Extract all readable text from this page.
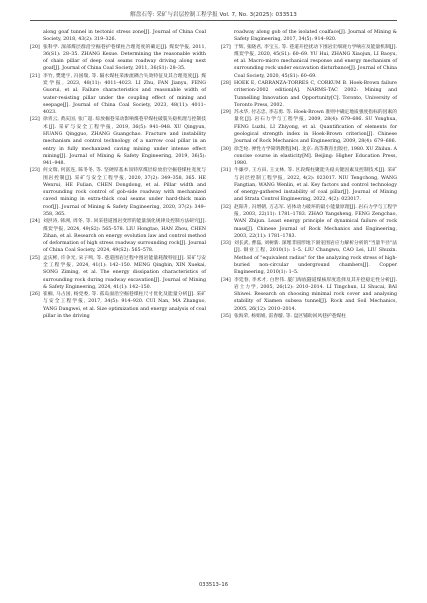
解盘石等: 采矿与岩层控制工程学报 Vol. 7, No. 3(2025): 033513
along goaf tunnel in tectonic stress zone[J]. Journal of China Coal Society, 2018, 43(2): 319–326.
[20] 张科学. 深部煤层群沿空掘巷护巷煤柱合理宽度的确定[J]. 煤炭学报, 2011, 36(S1): 28–35. ZHANG Kexue. Determining the reasonable width of chain pillar of deep coal seams roadway driving along next goaf[J]. Journal of China Coal Society, 2011, 36(S1): 28–35.
[21] 李竹, 樊建宇, 冯国瑞, 等. 隔水煤柱采渗流耦合失效特征及其合理宽度[J]. 煤炭学报, 2023, 48(11): 4011–4023. LI Zhu, FAN Jianyu, FENG Guorui, et al. Failure characteristics and reasonable width of water-resisting pillar under the coupling effect of mining and seepage[J]. Journal of China Coal Society, 2023, 48(11): 4011–4023.
[22] 徐青云, 黄庆国, 张广超. 综放掘巷采动影响煤巷窄煤柱破裂失稳机理与控制技术[J]. 采矿与安全工程学报, 2019, 36(5): 941–948. XU Qingyun, HUANG Qingguo, ZHANG Guangchao. Fracture and instability mechanism and control technology of a narrow coal pillar in an entry in fully mechanized caving mining under intense effect mining[J]. Journal of Mining & Safety Engineering, 2019, 36(5): 941–948.
[23] 何文瑞, 何富连, 陈冬冬, 等. 坚硬厚基本顶特厚煤层综放沿空掘巷煤柱宽度与围岩控制[J]. 采矿与安全工程学报, 2020, 37(2): 349–358, 365. HE Wenrui, HE Fulian, CHEN Dongdong, et al. Pillar width and surrounding rock control of gob-side roadway with mechanized caved mining in extra-thick coal seams under hard-thick main roof[J]. Journal of Mining & Safety Engineering, 2020, 37(2): 349–358, 365.
[24] 刘洪涛, 韩洲, 周冬, 等. 回采巷道围岩变形的能量演化规律及控制方法研究[J]. 煤炭学报, 2024, 49(S2): 565–578. LIU Hongtao, HAN Zhou, CHEN Zihan, et al. Research on energy evolution law and control method of deformation of high stress roadway surrounding rock[J]. Journal of China Coal Society, 2024, 49(S2): 565–578.
[25] 孟庆彬, 许争光, 宋子鸣, 等. 巷道围岩过程中围岩能量耗散特征[J]. 采矿与安全工程学报, 2024, 41(1): 142–150. MENG Qingbin, XIN Xuekai, SONG Ziming, et al. The energy dissipation characteristics of surrounding rock during roadway excavation[J]. Journal of Mining & Safety Engineering, 2024, 41(1): 142–150.
[26] 崔楠, 马占国, 杨党委, 等. 孤岛面沿空掘巷煤柱尺寸优化及能量分析[J]. 采矿与安全工程学报, 2017, 34(5): 914–920. CUI Nan, MA Zhanguo, YANG Dangwei, et al. Size optimization and energy analysis of coal pillar in the driving
roadway along gob of the isolated coalface[J]. Journal of Mining & Safety Engineering, 2017, 34(5): 914–920.
[27] 于辉, 张晓君, 李宝玉, 等. 巷道开挖扰动下围岩宏细观力学响应及能量机制[J]. 煤炭学报, 2020, 45(S1): 60–69. YU Hui, ZHANG Xiaojun, LI Baoyu, et al. Macro-micro mechanical response and energy mechanism of surrounding rock under excavation disturbance[J]. Journal of China Coal Society, 2020, 45(S1): 60–69.
[28] HOEK E, CARRANZA-TORRES C, CORKUM B. Hoek-Brown failure criterion-2002 edition[A]. NARMS-TAC 2002: Mining and Tunnelling Innovation and Opportunity[C]. Toronto, University of Toronto Press, 2002.
[29] 苏永华, 付志忠, 李志勇. 等. Hoek-Brown 准则中确定地质强度指标的因素的量化[J]. 岩石力学与工程学报, 2009, 28(4): 679–686. SU Yonghua, FENG Luzhi, LI Zhiyong, et al. Quantification of elements for geological strength index in Hoek-Brown criterion[J]. Chinese Journal of Rock Mechanics and Engineering, 2009, 28(4): 679–686.
[30] 徐芝纶. 弹性力学简明教程[M]. 北京: 高等教育出版社, 1980. XU Zhilun. A concise course in elasticity[M]. Beijing: Higher Education Press, 1980.
[31] 牛廉亭, 王方田, 王文林, 等. 区段煤柱聚能失稳关键因素及控制技术[J]. 采矿与岩层控制工程学报, 2022, 4(2): 023017. NIU Tengchong, WANG Fangtian, WANG Wenlin, et al. Key factors and control technology of energy-gathered instability of coal pillar[J]. Journal of Mining and Strata Control Engineering, 2022, 4(2): 023017.
[32] 赵阳升, 冯增朝, 万志军. 岩体动力破坏的最小能量原理[J]. 岩石力学与工程学报, 2003, 22(11): 1781–1783. ZHAO Yangsheng, FENG Zengchao, WAN Zhijun. Least energy principle of dynamical failure of rock mass[J]. Chinese Journal of Rock Mechanics and Engineering, 2003, 22(11): 1781–1783.
[33] 刘长武, 曹磊, 刘树新. 深埋非圆形地下洞室围岩应力解析分析的"当量半径"法[J]. 铜业工程, 2010(1): 1–5. LIU Changwu, CAO Lei, LIU Shuxin. Method of "equivalent radius" for the analyzing rock stress of high-buried non-circular underground chambers[J]. Copper Engineering, 2010(1): 1–5.
[34] 李廷春, 李术才, 白世伟. 厦门海底隧道煤核厚度选择及其开挖稳定性分析[J]. 岩土力学, 2005, 26(12): 2010–2014. LI Tingchun, LI Shucai, BAI Shiwei. Research on choosing minimal rock cover and analysing stability of Xiamen subsea tunnel[J]. Rock and Soil Mechanics, 2005, 26(12): 2010–2014.
[35] 张海荣, 杨娟娟, 雷春璇, 等. 盘区铺助回风巷护巷煤柱
033513–16
